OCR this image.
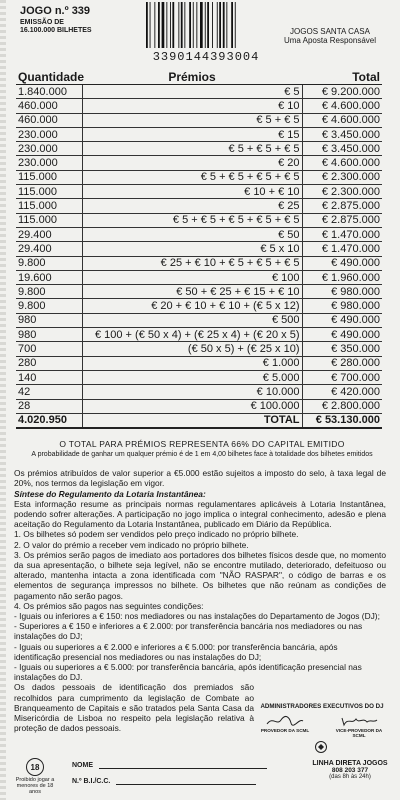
JOGO n.º 339
EMISSÃO DE
16.100.000 BILHETES
3390144393004
JOGOS SANTA CASA
Uma Aposta Responsável
Quantidade	Prémios	Total
1.840.000	€ 5	€ 9.200.000
460.000	€ 10	€ 4.600.000
460.000	€ 5 + € 5	€ 4.600.000
230.000	€ 15	€ 3.450.000
230.000	€ 5 + € 5 + € 5	€ 3.450.000
230.000	€ 20	€ 4.600.000
115.000	€ 5 + € 5 + € 5 + € 5	€ 2.300.000
115.000	€ 10 + € 10	€ 2.300.000
115.000	€ 25	€ 2.875.000
115.000	€ 5 + € 5 + € 5 + € 5 + € 5	€ 2.875.000
29.400	€ 50	€ 1.470.000
29.400	€ 5 x 10	€ 1.470.000
9.800	€ 25 + € 10 + € 5 + € 5 + € 5	€ 490.000
19.600	€ 100	€ 1.960.000
9.800	€ 50 + € 25 + € 15 + € 10	€ 980.000
9.800	€ 20 + € 10 + € 10 + (€ 5 x 12)	€ 980.000
980	€ 500	€ 490.000
980	€ 100 + (€ 50 x 4) + (€ 25 x 4) + (€ 20 x 5)	€ 490.000
700	(€ 50 x 5) + (€ 25 x 10)	€ 350.000
280	€ 1.000	€ 280.000
140	€ 5.000	€ 700.000
42	€ 10.000	€ 420.000
28	€ 100.000	€ 2.800.000
4.020.950	TOTAL	€ 53.130.000
O TOTAL PARA PRÉMIOS REPRESENTA 66% DO CAPITAL EMITIDO
A probabilidade de ganhar um qualquer prémio é de 1 em 4,00 bilhetes face à totalidade dos bilhetes emitidos

Os prémios atribuídos de valor superior a €5.000 estão sujeitos a imposto do selo, à taxa legal de 20%, nos termos da legislação em vigor.

Síntese do Regulamento da Lotaria Instantânea:

Esta informação resume as principais normas regulamentares aplicáveis à Lotaria Instantânea, podendo sofrer alterações. A participação no jogo implica o integral conhecimento, adesão e plena aceitação do Regulamento da Lotaria Instantânea, publicado em Diário da República.

1. Os bilhetes só podem ser vendidos pelo preço indicado no próprio bilhete.

2. O valor do prémio a receber vem indicado no próprio bilhete.

3. Os prémios serão pagos de imediato aos portadores dos bilhetes físicos desde que, no momento da sua apresentação, o bilhete seja legível, não se encontre mutilado, deteriorado, defeituoso ou alterado, mantenha intacta a zona identificada com "NÃO RASPAR", o código de barras e os elementos de segurança impressos no bilhete. Os bilhetes que não reúnam as condições de pagamento não serão pagos.

4. Os prémios são pagos nas seguintes condições:

- Iguais ou inferiores a € 150: nos mediadores ou nas instalações do Departamento de Jogos (DJ);

- Superiores a € 150 e inferiores a € 2.000: por transferência bancária nos mediadores ou nas instalações do DJ;

- Iguais ou superiores a € 2.000 e inferiores a € 5.000: por transferência bancária, após identificação presencial nos mediadores ou nas instalações do DJ;

- Iguais ou superiores a € 5.000: por transferência bancária, após identificação presencial nas instalações do DJ.

Os dados pessoais de identificação dos premiados são recolhidos para cumprimento da legislação de Combate ao Branqueamento de Capitais e são tratados pela Santa Casa da Misericórdia de Lisboa no respeito pela legislação relativa à proteção de dados pessoais.

ADMINISTRADORES EXECUTIVOS DO DJ
PROVEDOR DA SCML	VICE-PROVEDOR DA SCML
18
Proibido jogar a menores de 18 anos
NOME
N.º B.I./C.C.
LINHA DIRETA JOGOS
808 203 377
(das 8h às 24h)
